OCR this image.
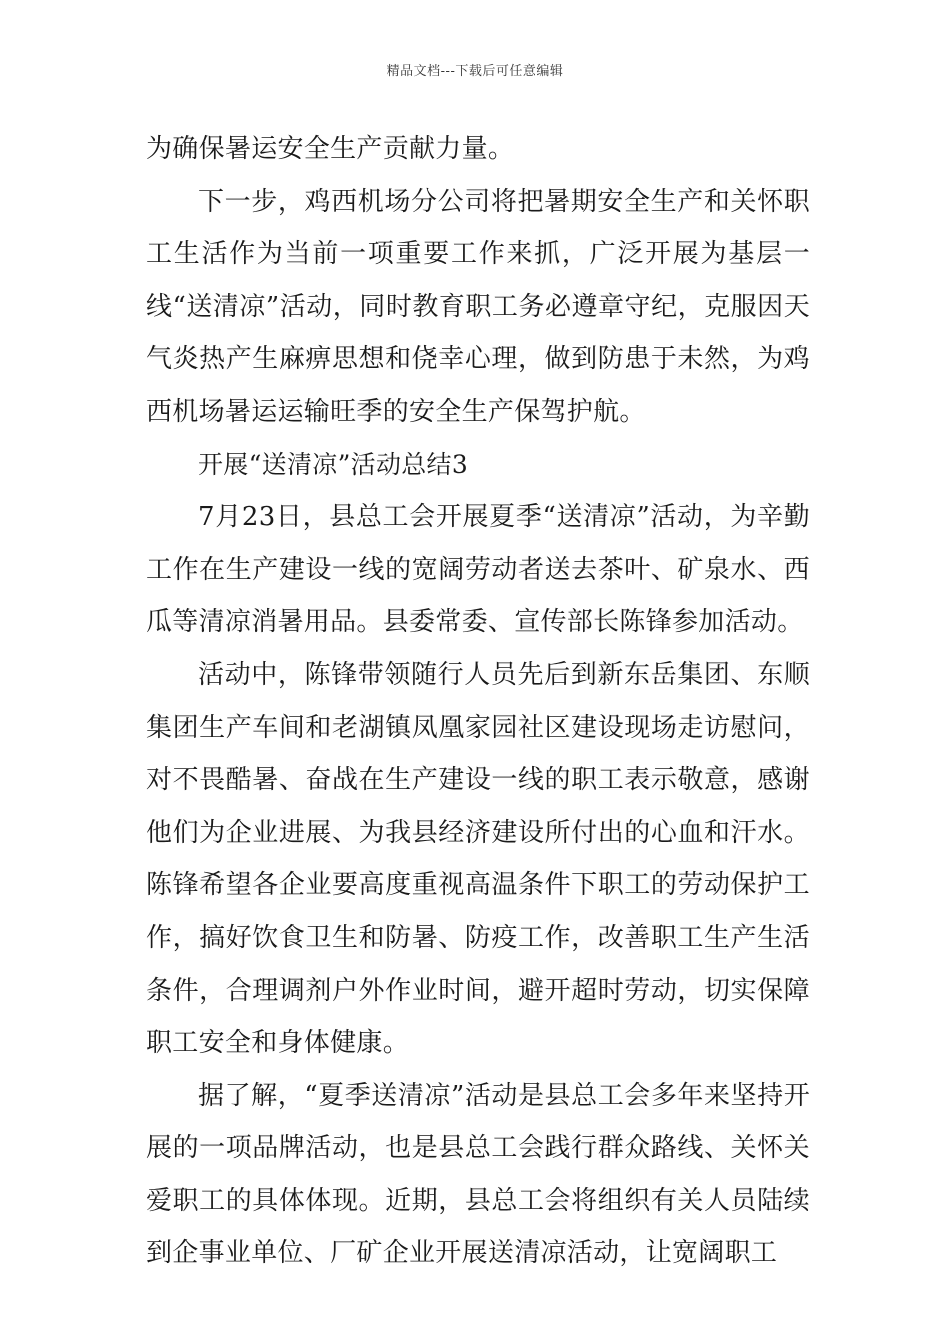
精品文档---下载后可任意编辑

为确保暑运安全生产贡献力量。

下一步，鸡西机场分公司将把暑期安全生产和关怀职工生活作为当前一项重要工作来抓，广泛开展为基层一线“送清凉”活动，同时教育职工务必遵章守纪，克服因天气炎热产生麻痹思想和侥幸心理，做到防患于未然，为鸡西机场暑运运输旺季的安全生产保驾护航。

开展“送清凉”活动总结3

7月23日，县总工会开展夏季“送清凉”活动，为辛勤工作在生产建设一线的宽阔劳动者送去茶叶、矿泉水、西瓜等清凉消暑用品。县委常委、宣传部长陈锋参加活动。

活动中，陈锋带领随行人员先后到新东岳集团、东顺集团生产车间和老湖镇凤凰家园社区建设现场走访慰问，对不畏酷暑、奋战在生产建设一线的职工表示敬意，感谢他们为企业进展、为我县经济建设所付出的心血和汗水。陈锋希望各企业要高度重视高温条件下职工的劳动保护工作，搞好饮食卫生和防暑、防疫工作，改善职工生产生活条件，合理调剂户外作业时间，避开超时劳动，切实保障职工安全和身体健康。

据了解，“夏季送清凉”活动是县总工会多年来坚持开展的一项品牌活动，也是县总工会践行群众路线、关怀关爱职工的具体体现。近期，县总工会将组织有关人员陆续到企事业单位、厂矿企业开展送清凉活动，让宽阔职工
